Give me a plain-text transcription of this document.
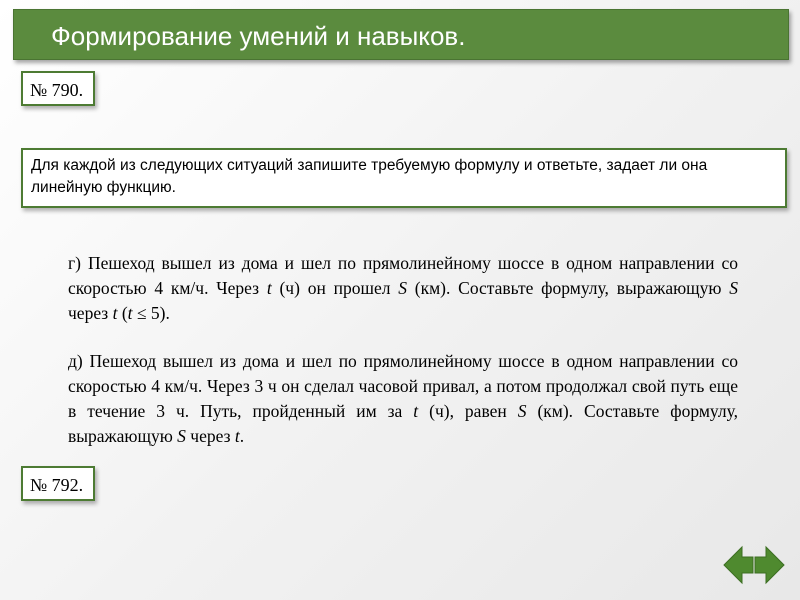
Формирование умений и навыков.
№ 790.
Для каждой из следующих ситуаций запишите требуемую формулу и ответьте, задает ли она линейную функцию.

г) Пешеход вышел из дома и шел по прямолинейному шоссе в одном направлении со скоростью 4 км/ч. Через t (ч) он прошел S (км). Составьте формулу, выражающую S через t (t ≤ 5).

д) Пешеход вышел из дома и шел по прямолинейному шоссе в одном направлении со скоростью 4 км/ч. Через 3 ч он сделал часовой привал, а потом продолжал свой путь еще в течение 3 ч. Путь, пройденный им за t (ч), равен S (км). Составьте формулу, выражающую S через t.

№ 792.
